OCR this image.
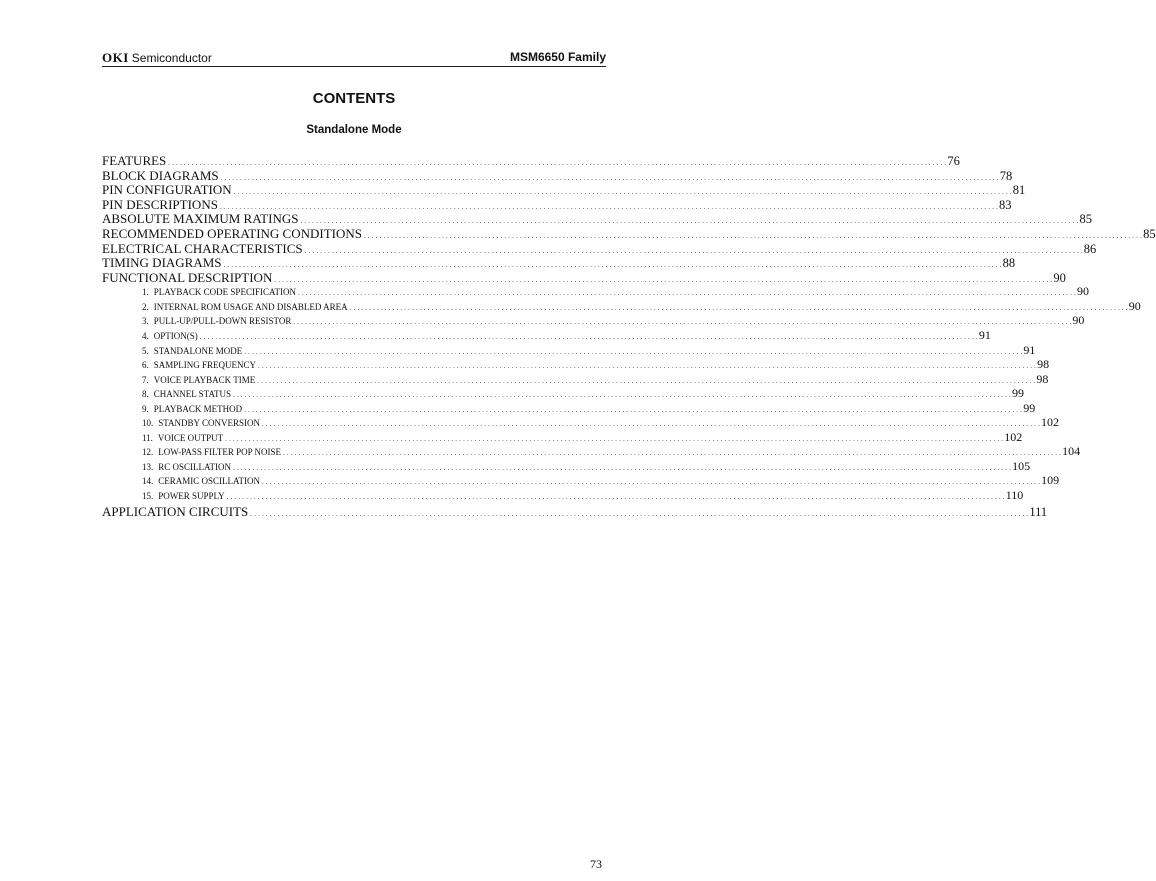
OKI Semiconductor	MSM6650 Family
CONTENTS
Standalone Mode
FEATURES . . . . . . . . . . . . . . . . . . . . . . . . . . . . . . . . . . . . . . . . . . . . . . . . . . . . . . . . . . . . . . . . . . . . . . . . . . . . . . . . . . . . . . . . . . . . . . . . . . . . . . . . . . . . . . . . . . . . . . . . . . . . . . . . . . . . . . . . . . . . . . . . . . . . . . . . . . . . . . . . . . . . . . . . . . . . . . . . . . . . . . . . . . . . . . . . . . . . . . . . 76
BLOCK DIAGRAMS . . . . . . . . . . . . . . . . . . . . . . . . . . . . . . . . . . . . . . . . . . . . . . . . . . . . . . . . . . . . . . . . . . . . . . . . . . . . . . . . . . . . . . . . . . . . . . . . . . . . . . . . . . . . . . . . . . . . . . . . . . . . . . . . . . . . . . . . . . . . . . . . . . . . . . . . . . . . . . . . . . . . . . . . . . . . . . . . . . . . . . . . . . . . . . . . . . . . . . . . 78
PIN CONFIGURATION . . . . . . . . . . . . . . . . . . . . . . . . . . . . . . . . . . . . . . . . . . . . . . . . . . . . . . . . . . . . . . . . . . . . . . . . . . . . . . . . . . . . . . . . . . . . . . . . . . . . . . . . . . . . . . . . . . . . . . . . . . . . . . . . . . . . . . . . . . . . . . . . . . . . . . . . . . . . . . . . . . . . . . . . . . . . . . . . . . . . . . . . . . . . . . . . . . . . . . . . 81
PIN DESCRIPTIONS . . . . . . . . . . . . . . . . . . . . . . . . . . . . . . . . . . . . . . . . . . . . . . . . . . . . . . . . . . . . . . . . . . . . . . . . . . . . . . . . . . . . . . . . . . . . . . . . . . . . . . . . . . . . . . . . . . . . . . . . . . . . . . . . . . . . . . . . . . . . . . . . . . . . . . . . . . . . . . . . . . . . . . . . . . . . . . . . . . . . . . . . . . . . . . . . . . . . . . . . 83
ABSOLUTE MAXIMUM RATINGS . . . . . . . . . . . . . . . . . . . . . . . . . . . . . . . . . . . . . . . . . . . . . . . . . . . . . . . . . . . . . . . . . . . . . . . . . . . . . . . . . . . . . . . . . . . . . . . . . . . . . . . . . . . . . . . . . . . . . . . . . . . . . . . . . . . . . . . . . . . . . . . . . . . . . . . . . . . . . . . . . . . . . . . . . . . . . . . . . . . . . . . . . . . . . . . . . . . . . . . . 85
RECOMMENDED OPERATING CONDITIONS . . . . . . . . . . . . . . . . . . . . . . . . . . . . . . . . . . . . . . . . . . . . . . . . . . . . . . . . . . . . . . . . . . . . . . . . . . . . . . . . . . . . . . . . . . . . . . . . . . . . . . . . . . . . . . . . . . . . . . . . . . . . . . . . . . . . . . . . . . . . . . . . . . . . . . . . . . . . . . . . . . . . . . . . . . . . . . . . . . . . . . . . . . . . . . . . . . . . . . . . 85
ELECTRICAL CHARACTERISTICS . . . . . . . . . . . . . . . . . . . . . . . . . . . . . . . . . . . . . . . . . . . . . . . . . . . . . . . . . . . . . . . . . . . . . . . . . . . . . . . . . . . . . . . . . . . . . . . . . . . . . . . . . . . . . . . . . . . . . . . . . . . . . . . . . . . . . . . . . . . . . . . . . . . . . . . . . . . . . . . . . . . . . . . . . . . . . . . . . . . . . . . . . . . . . . . . . . . . . . . . 86
TIMING DIAGRAMS . . . . . . . . . . . . . . . . . . . . . . . . . . . . . . . . . . . . . . . . . . . . . . . . . . . . . . . . . . . . . . . . . . . . . . . . . . . . . . . . . . . . . . . . . . . . . . . . . . . . . . . . . . . . . . . . . . . . . . . . . . . . . . . . . . . . . . . . . . . . . . . . . . . . . . . . . . . . . . . . . . . . . . . . . . . . . . . . . . . . . . . . . . . . . . . . . . . . . . . . 88
FUNCTIONAL DESCRIPTION . . . . . . . . . . . . . . . . . . . . . . . . . . . . . . . . . . . . . . . . . . . . . . . . . . . . . . . . . . . . . . . . . . . . . . . . . . . . . . . . . . . . . . . . . . . . . . . . . . . . . . . . . . . . . . . . . . . . . . . . . . . . . . . . . . . . . . . . . . . . . . . . . . . . . . . . . . . . . . . . . . . . . . . . . . . . . . . . . . . . . . . . . . . . . . . . . . . . . . . . 90
1. PLAYBACK CODE SPECIFICATION . . . . . . . . . . . . . . . . . . . . . . . . . . . . . . . . . . . . . . . . . . . . . . . . . . . . . . . . . . . . . . . . . . . . . . . . . . . . . . . . . . . . . . . . . . . . . . . . . . . . . . . . . . . . . . . . . . . . . . . . . . . . . . . . . . . . . . . . . . . . . . . . . . . . . . . . . . . . . . . . . . . . . . . . . . . . . . . . . . . . . . . . . . . . . . . . . . . . . . . . 90
2. INTERNAL ROM USAGE AND DISABLED AREA . . . . . . . . . . . . . . . . . . . . . . . . . . . . . . . . . . . . . . . . . . . . . . . . . . . . . . . . . . . . . . . . . . . . . . . . . . . . . . . . . . . . . . . . . . . . . . . . . . . . . . . . . . . . . . . . . . . . . . . . . . . . . . . . . . . . . . . . . . . . . . . . . . . . . . . . . . . . . . . . . . . . . . . . . . . . . . . . . . . . . . . . . . . . . . . . . . . . . . . . 90
3. PULL-UP/PULL-DOWN RESISTOR . . . . . . . . . . . . . . . . . . . . . . . . . . . . . . . . . . . . . . . . . . . . . . . . . . . . . . . . . . . . . . . . . . . . . . . . . . . . . . . . . . . . . . . . . . . . . . . . . . . . . . . . . . . . . . . . . . . . . . . . . . . . . . . . . . . . . . . . . . . . . . . . . . . . . . . . . . . . . . . . . . . . . . . . . . . . . . . . . . . . . . . . . . . . . . . . . . . . . . . . 90
4. OPTION(S) . . . . . . . . . . . . . . . . . . . . . . . . . . . . . . . . . . . . . . . . . . . . . . . . . . . . . . . . . . . . . . . . . . . . . . . . . . . . . . . . . . . . . . . . . . . . . . . . . . . . . . . . . . . . . . . . . . . . . . . . . . . . . . . . . . . . . . . . . . . . . . . . . . . . . . . . . . . . . . . . . . . . . . . . . . . . . . . . . . . . . . . . . . . . . . . . . . . . . . . . 91
5. STANDALONE MODE . . . . . . . . . . . . . . . . . . . . . . . . . . . . . . . . . . . . . . . . . . . . . . . . . . . . . . . . . . . . . . . . . . . . . . . . . . . . . . . . . . . . . . . . . . . . . . . . . . . . . . . . . . . . . . . . . . . . . . . . . . . . . . . . . . . . . . . . . . . . . . . . . . . . . . . . . . . . . . . . . . . . . . . . . . . . . . . . . . . . . . . . . . . . . . . . . . . . . . . . 91
6. SAMPLING FREQUENCY . . . . . . . . . . . . . . . . . . . . . . . . . . . . . . . . . . . . . . . . . . . . . . . . . . . . . . . . . . . . . . . . . . . . . . . . . . . . . . . . . . . . . . . . . . . . . . . . . . . . . . . . . . . . . . . . . . . . . . . . . . . . . . . . . . . . . . . . . . . . . . . . . . . . . . . . . . . . . . . . . . . . . . . . . . . . . . . . . . . . . . . . . . . . . . . . . . . . . . . . 98
7. VOICE PLAYBACK TIME . . . . . . . . . . . . . . . . . . . . . . . . . . . . . . . . . . . . . . . . . . . . . . . . . . . . . . . . . . . . . . . . . . . . . . . . . . . . . . . . . . . . . . . . . . . . . . . . . . . . . . . . . . . . . . . . . . . . . . . . . . . . . . . . . . . . . . . . . . . . . . . . . . . . . . . . . . . . . . . . . . . . . . . . . . . . . . . . . . . . . . . . . . . . . . . . . . . . . . . . 98
8. CHANNEL STATUS . . . . . . . . . . . . . . . . . . . . . . . . . . . . . . . . . . . . . . . . . . . . . . . . . . . . . . . . . . . . . . . . . . . . . . . . . . . . . . . . . . . . . . . . . . . . . . . . . . . . . . . . . . . . . . . . . . . . . . . . . . . . . . . . . . . . . . . . . . . . . . . . . . . . . . . . . . . . . . . . . . . . . . . . . . . . . . . . . . . . . . . . . . . . . . . . . . . . . . . . 99
9. PLAYBACK METHOD . . . . . . . . . . . . . . . . . . . . . . . . . . . . . . . . . . . . . . . . . . . . . . . . . . . . . . . . . . . . . . . . . . . . . . . . . . . . . . . . . . . . . . . . . . . . . . . . . . . . . . . . . . . . . . . . . . . . . . . . . . . . . . . . . . . . . . . . . . . . . . . . . . . . . . . . . . . . . . . . . . . . . . . . . . . . . . . . . . . . . . . . . . . . . . . . . . . . . . . . 99
10. STANDBY CONVERSION . . . . . . . . . . . . . . . . . . . . . . . . . . . . . . . . . . . . . . . . . . . . . . . . . . . . . . . . . . . . . . . . . . . . . . . . . . . . . . . . . . . . . . . . . . . . . . . . . . . . . . . . . . . . . . . . . . . . . . . . . . . . . . . . . . . . . . . . . . . . . . . . . . . . . . . . . . . . . . . . . . . . . . . . . . . . . . . . . . . . . . . . . . . . . . . . . . . . . . . . 102
11. VOICE OUTPUT . . . . . . . . . . . . . . . . . . . . . . . . . . . . . . . . . . . . . . . . . . . . . . . . . . . . . . . . . . . . . . . . . . . . . . . . . . . . . . . . . . . . . . . . . . . . . . . . . . . . . . . . . . . . . . . . . . . . . . . . . . . . . . . . . . . . . . . . . . . . . . . . . . . . . . . . . . . . . . . . . . . . . . . . . . . . . . . . . . . . . . . . . . . . . . . . . . . . . . . . 102
12. LOW-PASS FILTER POP NOISE . . . . . . . . . . . . . . . . . . . . . . . . . . . . . . . . . . . . . . . . . . . . . . . . . . . . . . . . . . . . . . . . . . . . . . . . . . . . . . . . . . . . . . . . . . . . . . . . . . . . . . . . . . . . . . . . . . . . . . . . . . . . . . . . . . . . . . . . . . . . . . . . . . . . . . . . . . . . . . . . . . . . . . . . . . . . . . . . . . . . . . . . . . . . . . . . . . . . . . . . 104
13. RC OSCILLATION . . . . . . . . . . . . . . . . . . . . . . . . . . . . . . . . . . . . . . . . . . . . . . . . . . . . . . . . . . . . . . . . . . . . . . . . . . . . . . . . . . . . . . . . . . . . . . . . . . . . . . . . . . . . . . . . . . . . . . . . . . . . . . . . . . . . . . . . . . . . . . . . . . . . . . . . . . . . . . . . . . . . . . . . . . . . . . . . . . . . . . . . . . . . . . . . . . . . . . . . 105
14. CERAMIC OSCILLATION . . . . . . . . . . . . . . . . . . . . . . . . . . . . . . . . . . . . . . . . . . . . . . . . . . . . . . . . . . . . . . . . . . . . . . . . . . . . . . . . . . . . . . . . . . . . . . . . . . . . . . . . . . . . . . . . . . . . . . . . . . . . . . . . . . . . . . . . . . . . . . . . . . . . . . . . . . . . . . . . . . . . . . . . . . . . . . . . . . . . . . . . . . . . . . . . . . . . . . . . 109
15. POWER SUPPLY . . . . . . . . . . . . . . . . . . . . . . . . . . . . . . . . . . . . . . . . . . . . . . . . . . . . . . . . . . . . . . . . . . . . . . . . . . . . . . . . . . . . . . . . . . . . . . . . . . . . . . . . . . . . . . . . . . . . . . . . . . . . . . . . . . . . . . . . . . . . . . . . . . . . . . . . . . . . . . . . . . . . . . . . . . . . . . . . . . . . . . . . . . . . . . . . . . . . . . . . 110
APPLICATION CIRCUITS . . . . . . . . . . . . . . . . . . . . . . . . . . . . . . . . . . . . . . . . . . . . . . . . . . . . . . . . . . . . . . . . . . . . . . . . . . . . . . . . . . . . . . . . . . . . . . . . . . . . . . . . . . . . . . . . . . . . . . . . . . . . . . . . . . . . . . . . . . . . . . . . . . . . . . . . . . . . . . . . . . . . . . . . . . . . . . . . . . . . . . . . . . . . . . . . . . . . . . . . 111
73
